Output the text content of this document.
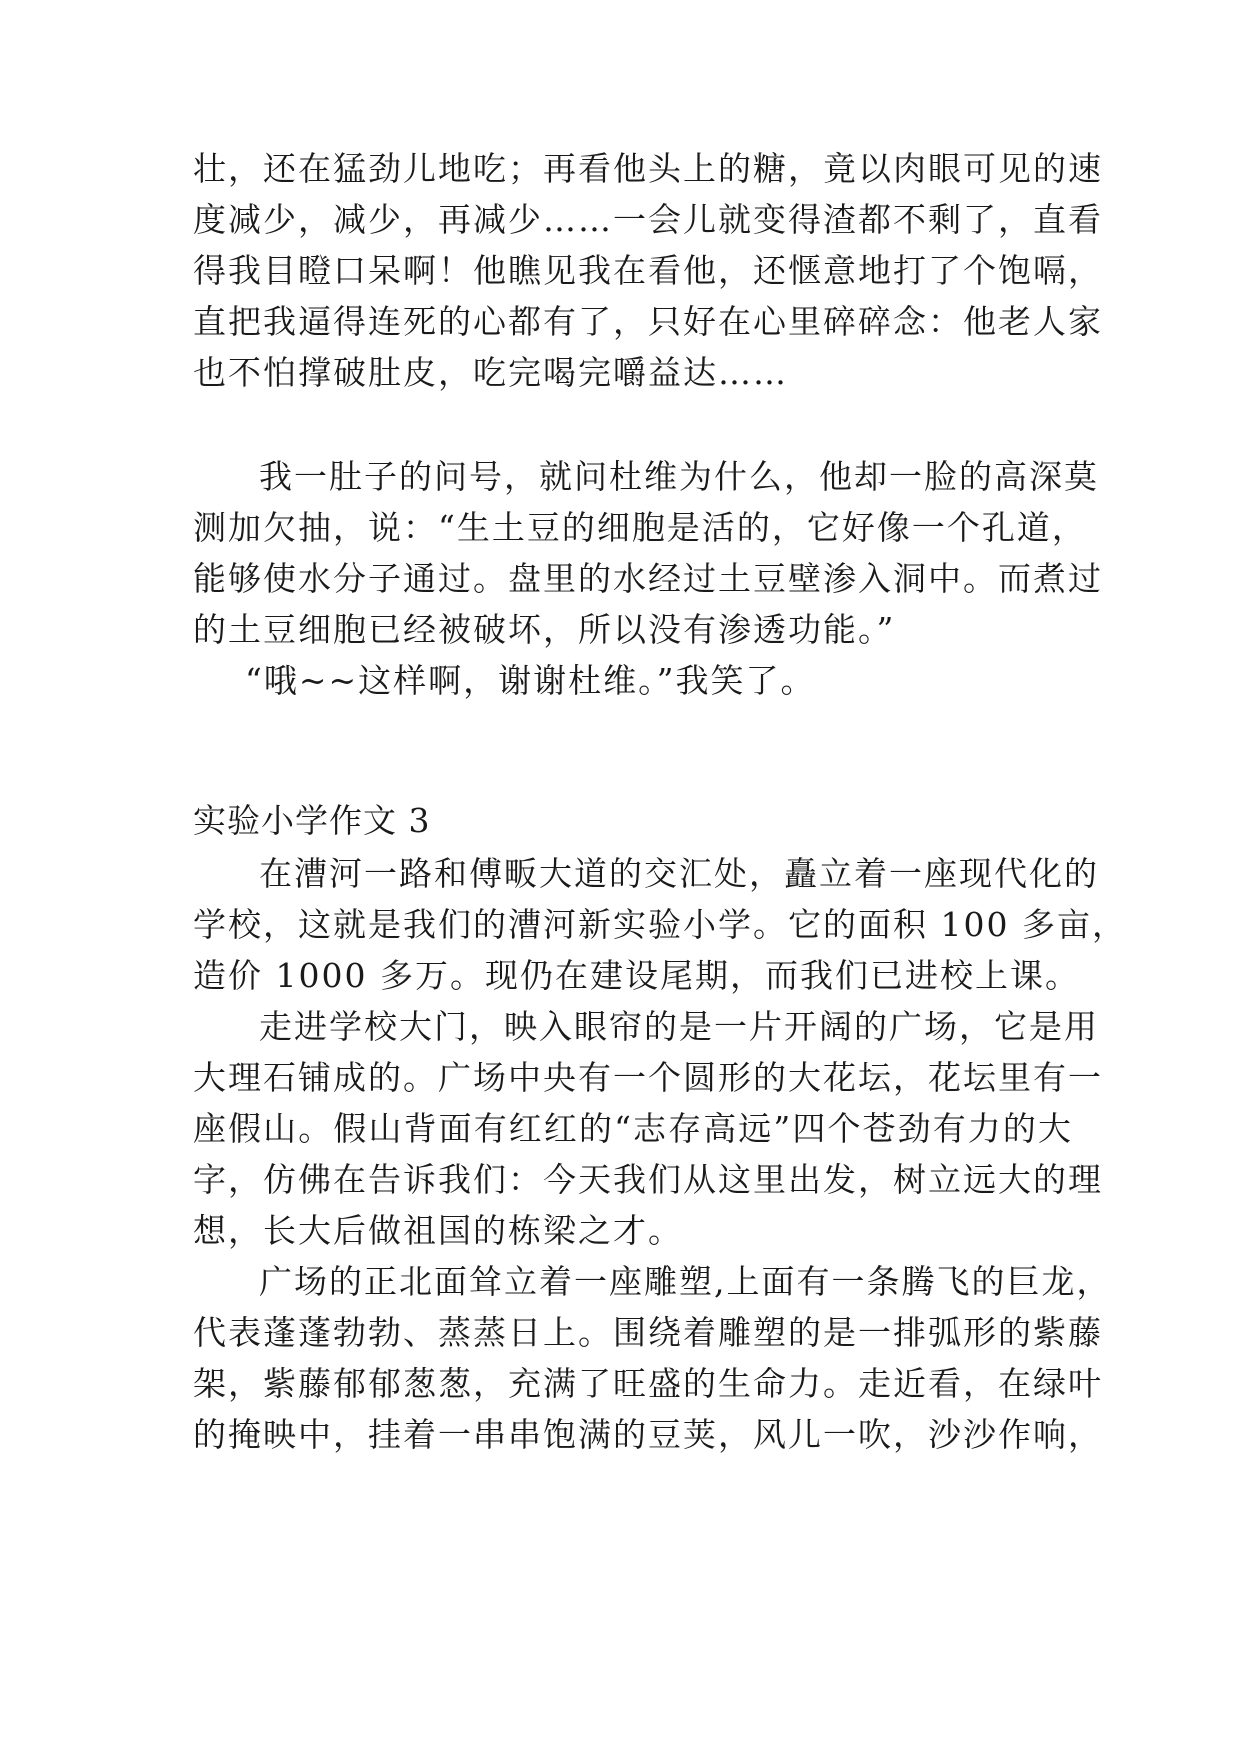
壮，还在猛劲儿地吃；再看他头上的糖，竟以肉眼可见的速

度减少，减少，再减少……一会儿就变得渣都不剩了，直看

得我目瞪口呆啊！他瞧见我在看他，还惬意地打了个饱嗝，

直把我逼得连死的心都有了，只好在心里碎碎念：他老人家

也不怕撑破肚皮，吃完喝完嚼益达……

我一肚子的问号，就问杜维为什么，他却一脸的高深莫

测加欠抽，说：“生土豆的细胞是活的，它好像一个孔道，

能够使水分子通过。盘里的水经过土豆壁渗入洞中。而煮过

的土豆细胞已经被破坏，所以没有渗透功能。”

“哦~~这样啊，谢谢杜维。”我笑了。

实验小学作文 3

在漕河一路和傅畈大道的交汇处，矗立着一座现代化的

学校，这就是我们的漕河新实验小学。它的面积 100 多亩，

造价 1000 多万。现仍在建设尾期，而我们已进校上课。

走进学校大门，映入眼帘的是一片开阔的广场，它是用

大理石铺成的。广场中央有一个圆形的大花坛，花坛里有一

座假山。假山背面有红红的“志存高远”四个苍劲有力的大

字，仿佛在告诉我们：今天我们从这里出发，树立远大的理

想，长大后做祖国的栋梁之才。

广场的正北面耸立着一座雕塑,上面有一条腾飞的巨龙，

代表蓬蓬勃勃、蒸蒸日上。围绕着雕塑的是一排弧形的紫藤

架，紫藤郁郁葱葱，充满了旺盛的生命力。走近看，在绿叶

的掩映中，挂着一串串饱满的豆荚，风儿一吹，沙沙作响，
